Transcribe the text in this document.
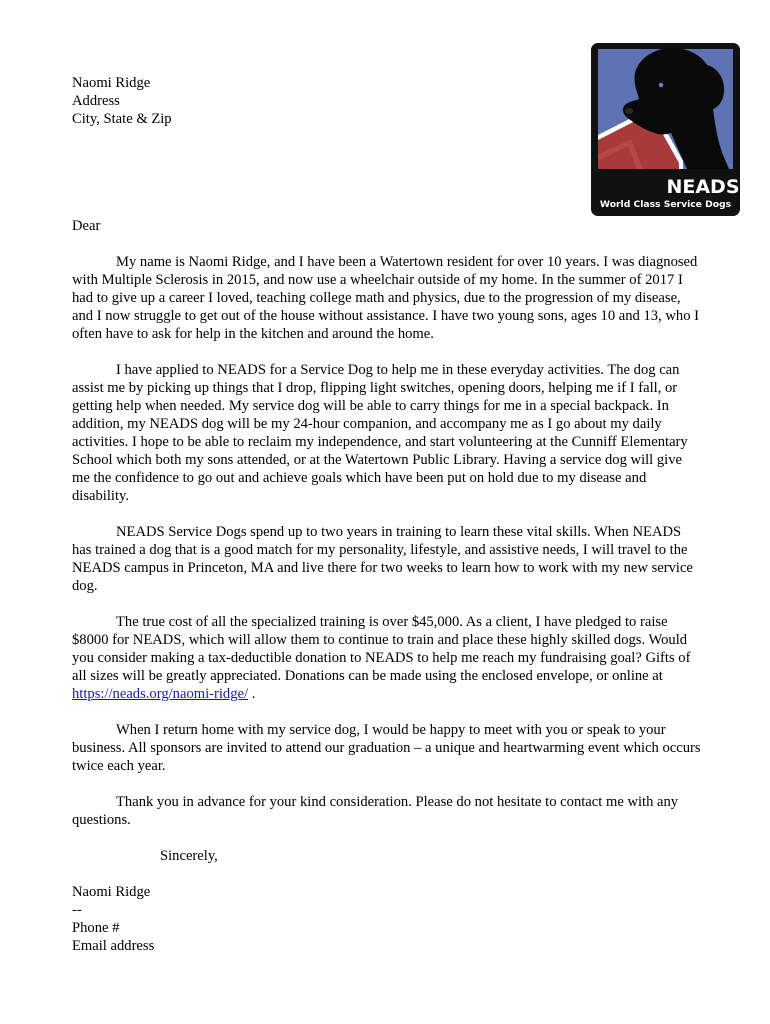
Naomi Ridge
Address
City, State & Zip
NEADS
World Class Service Dogs
Dear

My name is Naomi Ridge, and I have been a Watertown resident for over 10 years. I was diagnosed with Multiple Sclerosis in 2015, and now use a wheelchair outside of my home. In the summer of 2017 I had to give up a career I loved, teaching college math and physics, due to the progression of my disease, and I now struggle to get out of the house without assistance. I have two young sons, ages 10 and 13, who I often have to ask for help in the kitchen and around the home.

I have applied to NEADS for a Service Dog to help me in these everyday activities. The dog can assist me by picking up things that I drop, flipping light switches, opening doors, helping me if I fall, or getting help when needed. My service dog will be able to carry things for me in a special backpack. In addition, my NEADS dog will be my 24-hour companion, and accompany me as I go about my daily activities. I hope to be able to reclaim my independence, and start volunteering at the Cunniff Elementary School which both my sons attended, or at the Watertown Public Library. Having a service dog will give me the confidence to go out and achieve goals which have been put on hold due to my disease and disability.

NEADS Service Dogs spend up to two years in training to learn these vital skills. When NEADS has trained a dog that is a good match for my personality, lifestyle, and assistive needs, I will travel to the NEADS campus in Princeton, MA and live there for two weeks to learn how to work with my new service dog.

The true cost of all the specialized training is over $45,000. As a client, I have pledged to raise $8000 for NEADS, which will allow them to continue to train and place these highly skilled dogs. Would you consider making a tax-deductible donation to NEADS to help me reach my fundraising goal? Gifts of all sizes will be greatly appreciated. Donations can be made using the enclosed envelope, or online at https://neads.org/naomi-ridge/ .

When I return home with my service dog, I would be happy to meet with you or speak to your business. All sponsors are invited to attend our graduation – a unique and heartwarming event which occurs twice each year.

Thank you in advance for your kind consideration. Please do not hesitate to contact me with any questions.

Sincerely,
Naomi Ridge
--
Phone #
Email address
